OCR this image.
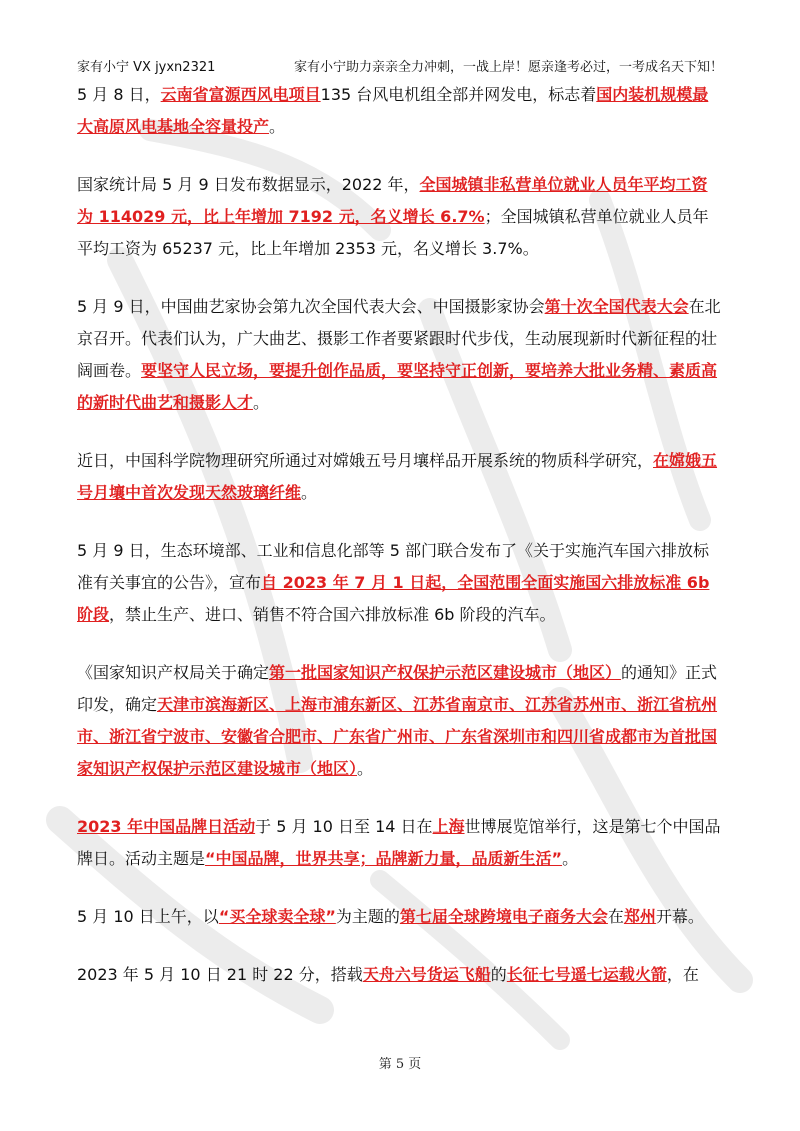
家有小宁 VX jyxn2321	家有小宁助力亲亲全力冲刺，一战上岸！愿亲逢考必过，一考成名天下知！

5 月 8 日，云南省富源西风电项目135 台风电机组全部并网发电，标志着国内装机规模最大高原风电基地全容量投产。

国家统计局 5 月 9 日发布数据显示，2022 年，全国城镇非私营单位就业人员年平均工资为 114029 元，比上年增加 7192 元，名义增长 6.7%；全国城镇私营单位就业人员年平均工资为 65237 元，比上年增加 2353 元，名义增长 3.7%。

5 月 9 日，中国曲艺家协会第九次全国代表大会、中国摄影家协会第十次全国代表大会在北京召开。代表们认为，广大曲艺、摄影工作者要紧跟时代步伐，生动展现新时代新征程的壮阔画卷。要坚守人民立场，要提升创作品质，要坚持守正创新，要培养大批业务精、素质高的新时代曲艺和摄影人才。

近日，中国科学院物理研究所通过对嫦娥五号月壤样品开展系统的物质科学研究，在嫦娥五号月壤中首次发现天然玻璃纤维。

5 月 9 日，生态环境部、工业和信息化部等 5 部门联合发布了《关于实施汽车国六排放标准有关事宜的公告》，宣布自 2023 年 7 月 1 日起，全国范围全面实施国六排放标准 6b 阶段，禁止生产、进口、销售不符合国六排放标准 6b 阶段的汽车。

《国家知识产权局关于确定第一批国家知识产权保护示范区建设城市（地区）的通知》正式印发，确定天津市滨海新区、上海市浦东新区、江苏省南京市、江苏省苏州市、浙江省杭州市、浙江省宁波市、安徽省合肥市、广东省广州市、广东省深圳市和四川省成都市为首批国家知识产权保护示范区建设城市（地区）。

2023 年中国品牌日活动于 5 月 10 日至 14 日在上海世博展览馆举行，这是第七个中国品牌日。活动主题是“中国品牌，世界共享；品牌新力量，品质新生活”。

5 月 10 日上午，以“买全球卖全球”为主题的第七届全球跨境电子商务大会在郑州开幕。

2023 年 5 月 10 日 21 时 22 分，搭载天舟六号货运飞船的长征七号遥七运载火箭，在

第 5 页
